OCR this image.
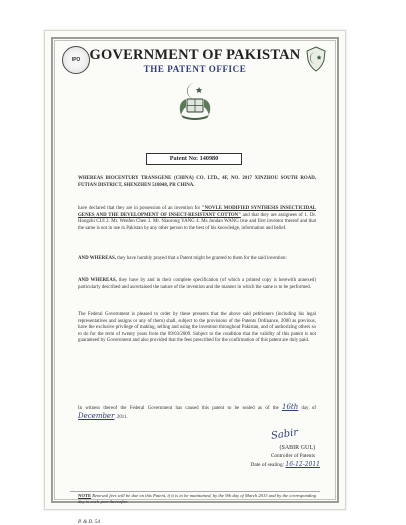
IPO GOVERNMENT OF PAKISTAN
THE PATENT OFFICE
Patent No: 140980
WHEREAS BIOCENTURY TRANSGENE (CHINA) CO. LTD., 4F, NO. 2017 XINZHOU SOUTH ROAD, FUTIAN DISTRICT, SHENZHEN 518048, PR CHINA.
have declared that they are in possession of an invention for "NOVLE MODIFIED SYNTHESIS INSECTICIDAL GENES AND THE DEVELOPMENT OF INSECT-RESISTANT COTTON" and that they are assignees of 1. Dr. Hongzhi CUI 2. Mr. Wenfen Chen 3. Mr. Nianrong YANG 4. Ms Jundan WANG true and first inventor thereof and that the same is not in use in Pakistan by any other person to the best of his knowledge, information and belief.
AND WHEREAS, they have humbly prayed that a Patent might be granted to them for the said invention:
AND WHEREAS, they have by and in their complete specification (of which a printed copy is herewith annexed) particularly described and ascertained the nature of the invention and the manner in which the same is to be performed.
The Federal Government is pleased to order by these presents that the above said petitioners (including his legal representatives and assigns or any of them) shall, subject to the provisions of the Patents Ordinance, 2000 as previous, have the exclusive privilege of making, selling and using the invention throughout Pakistan, and of authorizing others so to do for the term of twenty years from the 09/03/2009. Subject to the condition that the validity of this patent is not guaranteed by Government and also provided that the fees prescribed for the confirmation of this patent are duly paid.
In witness thereof the Federal Government has caused this patent to be sealed as of the 16th day of December, 2011.
Sabir
(SABIR GUL)
Controller of Patents
Date of sealing: 16-12-2011
NOTE Renewal fees will be due on this Patent, if it is to be maintained, by the 9th day of March 2013 and by the corresponding day in each year thereafter.
P. & D. 54
